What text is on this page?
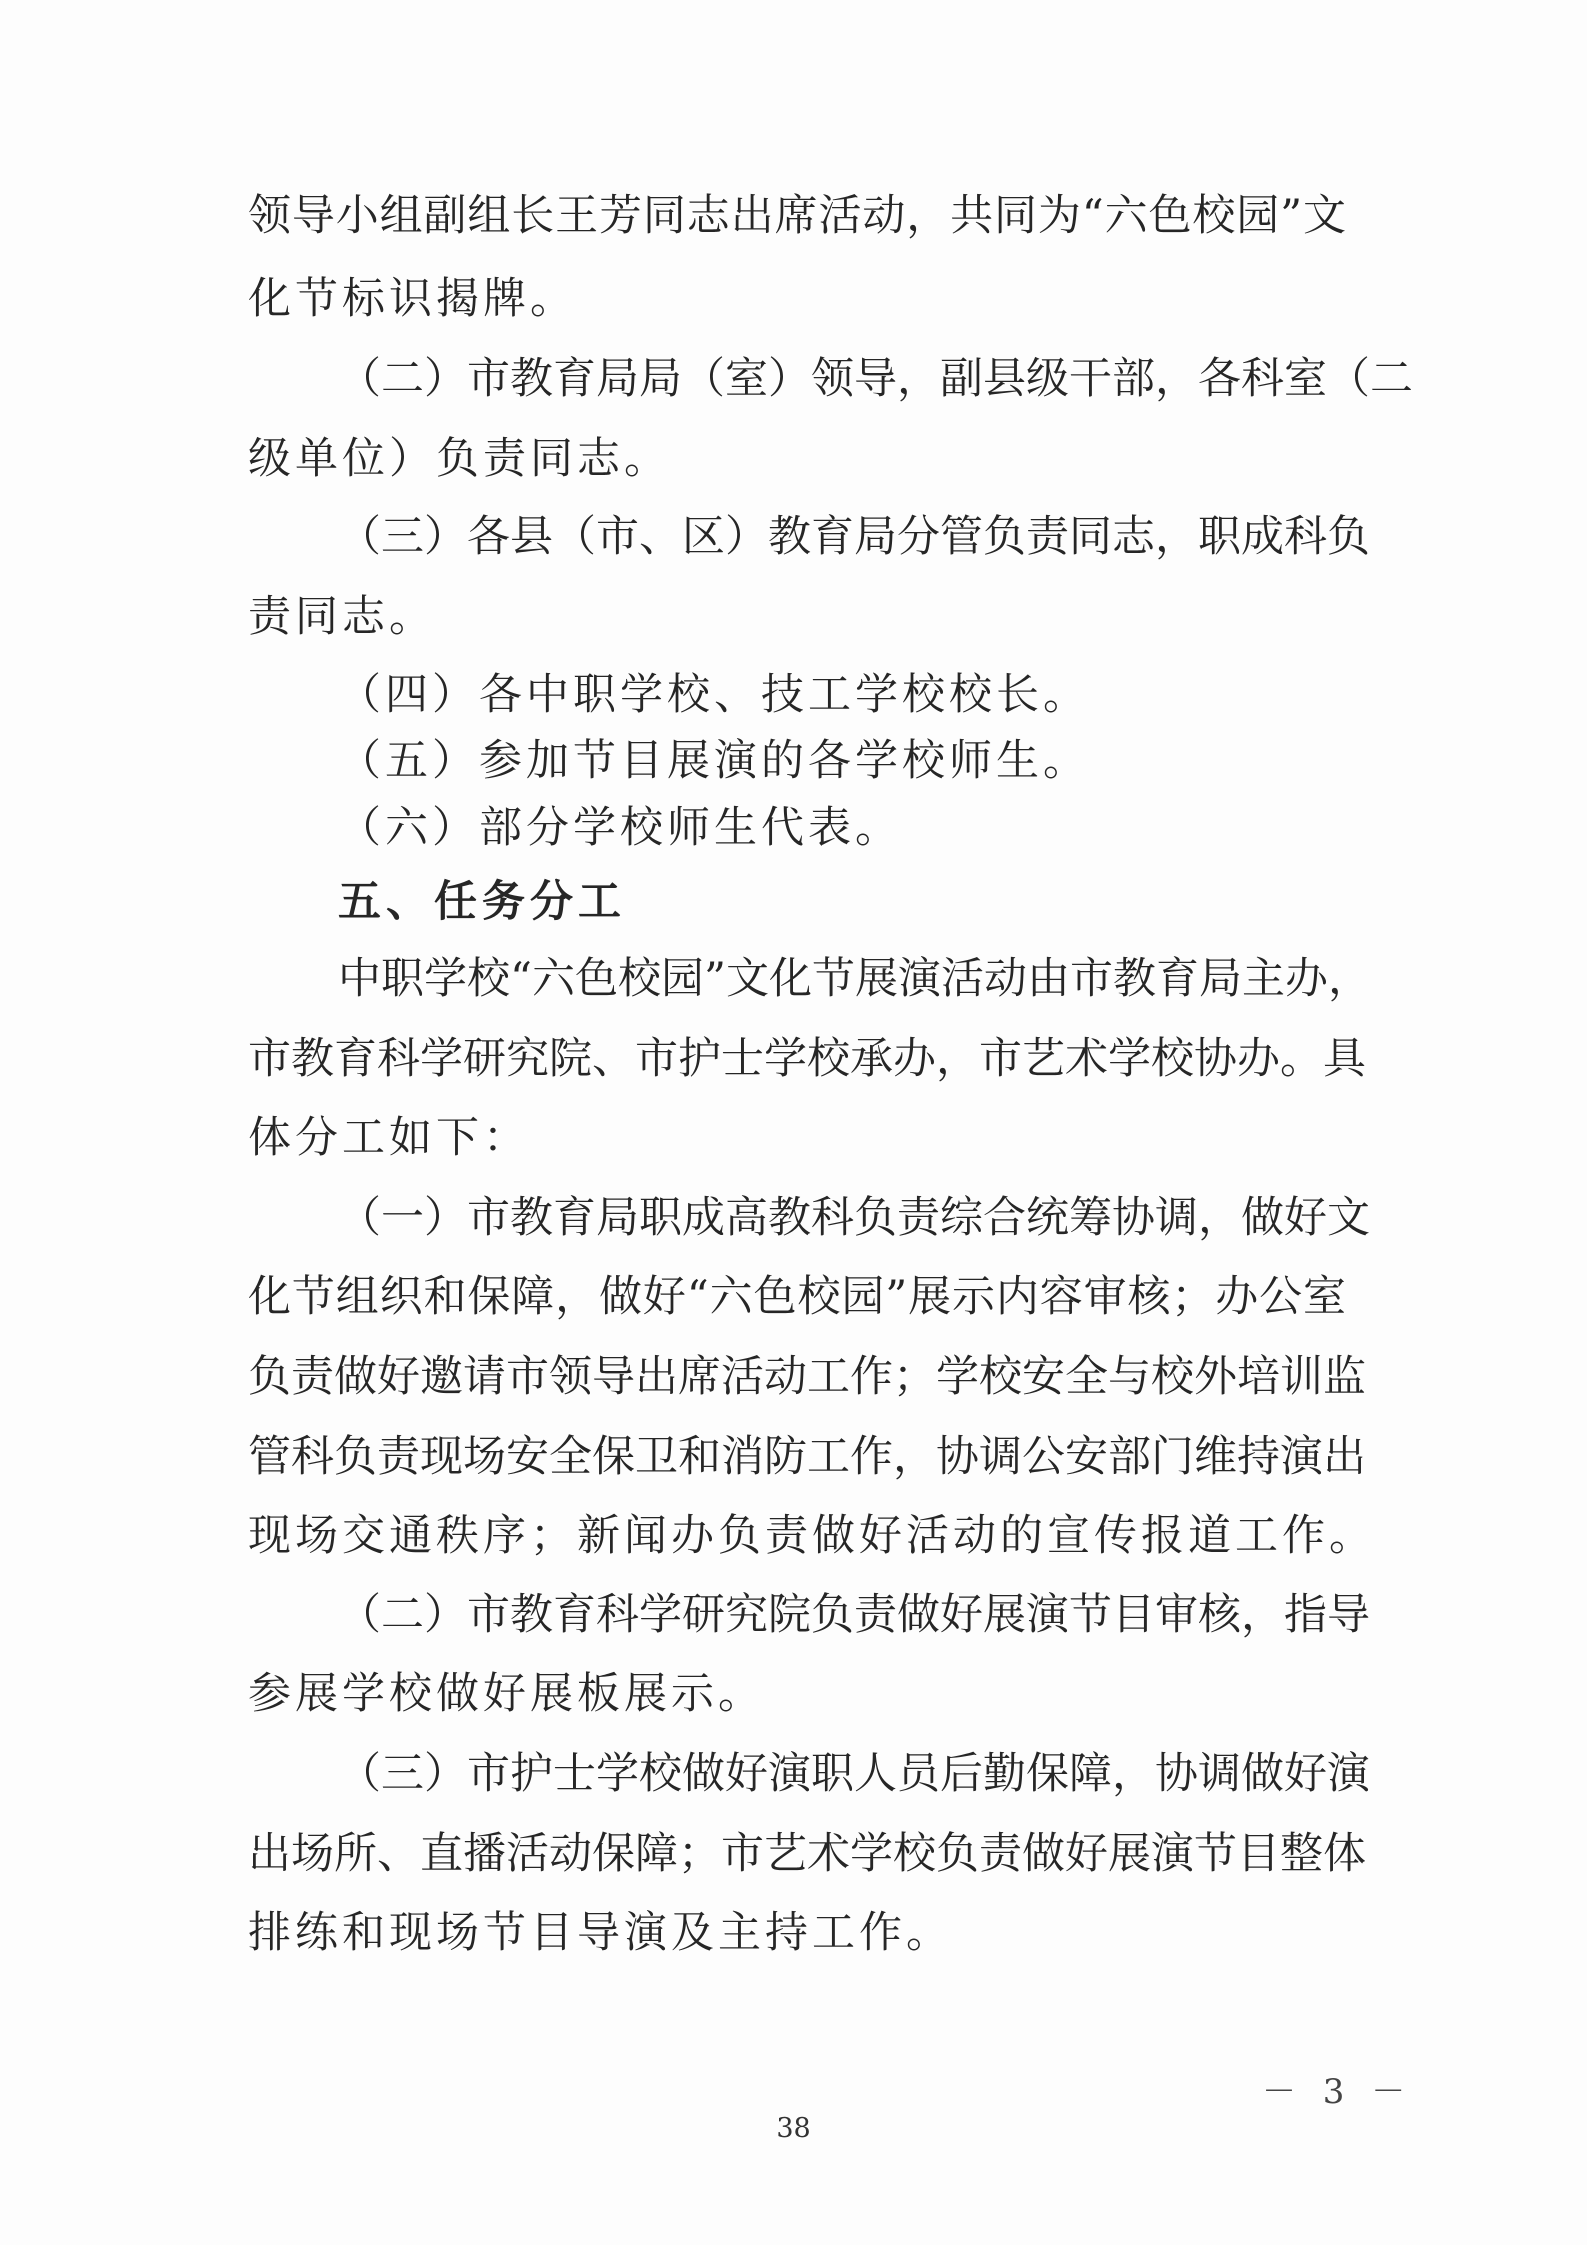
领导小组副组长王芳同志出席活动，共同为“六色校园”文
化节标识揭牌。
（二）市教育局局（室）领导，副县级干部，各科室（二
级单位）负责同志。
（三）各县（市、区）教育局分管负责同志，职成科负
责同志。
（四）各中职学校、技工学校校长。
（五）参加节目展演的各学校师生。
（六）部分学校师生代表。
五、任务分工
中职学校“六色校园”文化节展演活动由市教育局主办，
市教育科学研究院、市护士学校承办，市艺术学校协办。具
体分工如下：
（一）市教育局职成高教科负责综合统筹协调，做好文
化节组织和保障，做好“六色校园”展示内容审核；办公室
负责做好邀请市领导出席活动工作；学校安全与校外培训监
管科负责现场安全保卫和消防工作，协调公安部门维持演出
现场交通秩序；新闻办负责做好活动的宣传报道工作。
（二）市教育科学研究院负责做好展演节目审核，指导
参展学校做好展板展示。
（三）市护士学校做好演职人员后勤保障，协调做好演
出场所、直播活动保障；市艺术学校负责做好展演节目整体
排练和现场节目导演及主持工作。
－ 3 －
38
